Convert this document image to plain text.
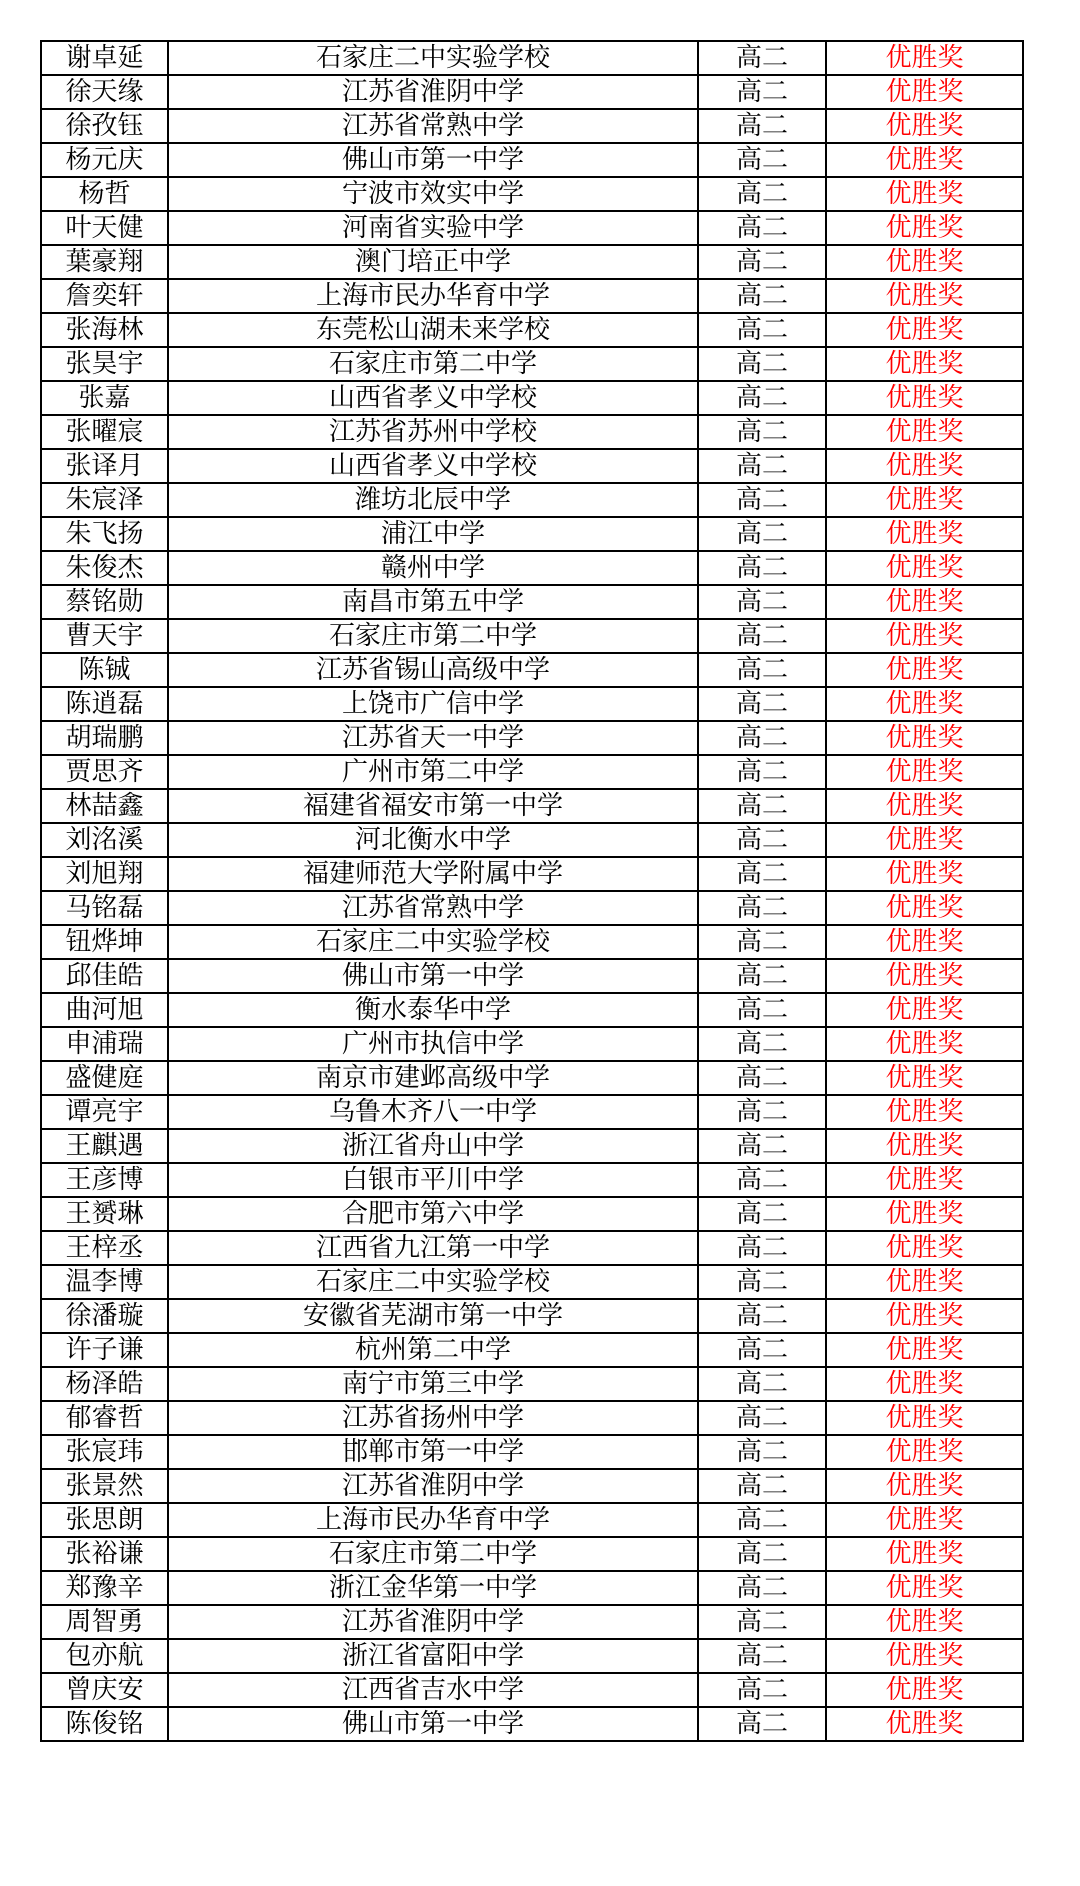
谢卓延	石家庄二中实验学校	高二	优胜奖
徐天缘	江苏省淮阴中学	高二	优胜奖
徐孜钰	江苏省常熟中学	高二	优胜奖
杨元庆	佛山市第一中学	高二	优胜奖
杨哲	宁波市效实中学	高二	优胜奖
叶天健	河南省实验中学	高二	优胜奖
葉豪翔	澳门培正中学	高二	优胜奖
詹奕轩	上海市民办华育中学	高二	优胜奖
张海林	东莞松山湖未来学校	高二	优胜奖
张昊宇	石家庄市第二中学	高二	优胜奖
张嘉	山西省孝义中学校	高二	优胜奖
张曜宸	江苏省苏州中学校	高二	优胜奖
张译月	山西省孝义中学校	高二	优胜奖
朱宸泽	潍坊北辰中学	高二	优胜奖
朱飞扬	浦江中学	高二	优胜奖
朱俊杰	赣州中学	高二	优胜奖
蔡铭勋	南昌市第五中学	高二	优胜奖
曹天宇	石家庄市第二中学	高二	优胜奖
陈铖	江苏省锡山高级中学	高二	优胜奖
陈逍磊	上饶市广信中学	高二	优胜奖
胡瑞鹏	江苏省天一中学	高二	优胜奖
贾思齐	广州市第二中学	高二	优胜奖
林喆鑫	福建省福安市第一中学	高二	优胜奖
刘洺溪	河北衡水中学	高二	优胜奖
刘旭翔	福建师范大学附属中学	高二	优胜奖
马铭磊	江苏省常熟中学	高二	优胜奖
钮烨坤	石家庄二中实验学校	高二	优胜奖
邱佳皓	佛山市第一中学	高二	优胜奖
曲河旭	衡水泰华中学	高二	优胜奖
申浦瑞	广州市执信中学	高二	优胜奖
盛健庭	南京市建邺高级中学	高二	优胜奖
谭亮宇	乌鲁木齐八一中学	高二	优胜奖
王麒遇	浙江省舟山中学	高二	优胜奖
王彦博	白银市平川中学	高二	优胜奖
王赟琳	合肥市第六中学	高二	优胜奖
王梓丞	江西省九江第一中学	高二	优胜奖
温李博	石家庄二中实验学校	高二	优胜奖
徐潘璇	安徽省芜湖市第一中学	高二	优胜奖
许子谦	杭州第二中学	高二	优胜奖
杨泽皓	南宁市第三中学	高二	优胜奖
郁睿哲	江苏省扬州中学	高二	优胜奖
张宸玮	邯郸市第一中学	高二	优胜奖
张景然	江苏省淮阴中学	高二	优胜奖
张思朗	上海市民办华育中学	高二	优胜奖
张裕谦	石家庄市第二中学	高二	优胜奖
郑豫辛	浙江金华第一中学	高二	优胜奖
周智勇	江苏省淮阴中学	高二	优胜奖
包亦航	浙江省富阳中学	高二	优胜奖
曾庆安	江西省吉水中学	高二	优胜奖
陈俊铭	佛山市第一中学	高二	优胜奖
